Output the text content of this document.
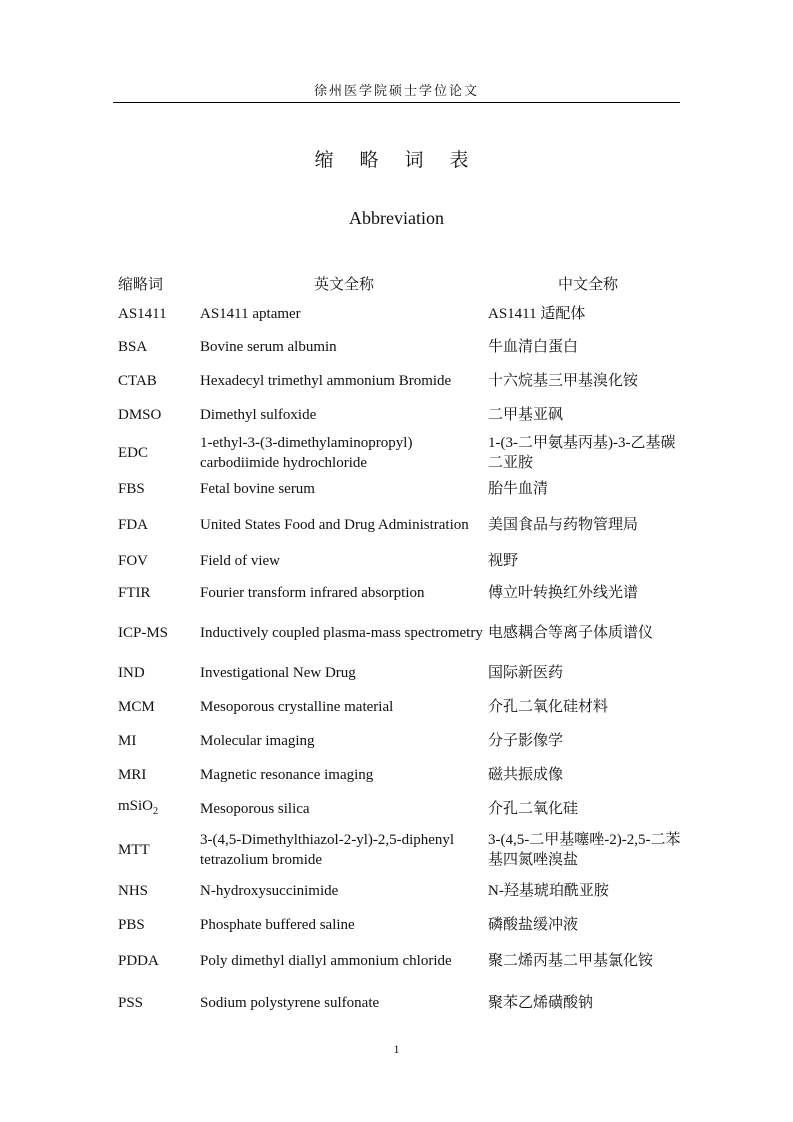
徐州医学院硕士学位论文
缩 略 词 表
Abbreviation
缩略词	英文全称	中文全称
AS1411	AS1411 aptamer	AS1411 适配体
BSA	Bovine serum albumin	牛血清白蛋白
CTAB	Hexadecyl trimethyl ammonium Bromide	十六烷基三甲基溴化铵
DMSO	Dimethyl sulfoxide	二甲基亚砜
EDC	1-ethyl-3-(3-dimethylaminopropyl) carbodiimide hydrochloride	1-(3-二甲氨基丙基)-3-乙基碳二亚胺
FBS	Fetal bovine serum	胎牛血清
FDA	United States Food and Drug Administration	美国食品与药物管理局
FOV	Field of view	视野
FTIR	Fourier transform infrared absorption	傅立叶转换红外线光谱
ICP-MS	Inductively coupled plasma-mass spectrometry	电感耦合等离子体质谱仪
IND	Investigational New Drug	国际新医药
MCM	Mesoporous crystalline material	介孔二氧化硅材料
MI	Molecular imaging	分子影像学
MRI	Magnetic resonance imaging	磁共振成像
mSiO$_2$	Mesoporous silica	介孔二氧化硅
MTT	3-(4,5-Dimethylthiazol-2-yl)-2,5-diphenyl tetrazolium bromide	3-(4,5-二甲基噻唑-2)-2,5-二苯基四氮唑溴盐
NHS	N-hydroxysuccinimide	N-羟基琥珀酰亚胺
PBS	Phosphate buffered saline	磷酸盐缓冲液
PDDA	Poly dimethyl diallyl ammonium chloride	聚二烯丙基二甲基氯化铵
PSS	Sodium polystyrene sulfonate	聚苯乙烯磺酸钠
1
